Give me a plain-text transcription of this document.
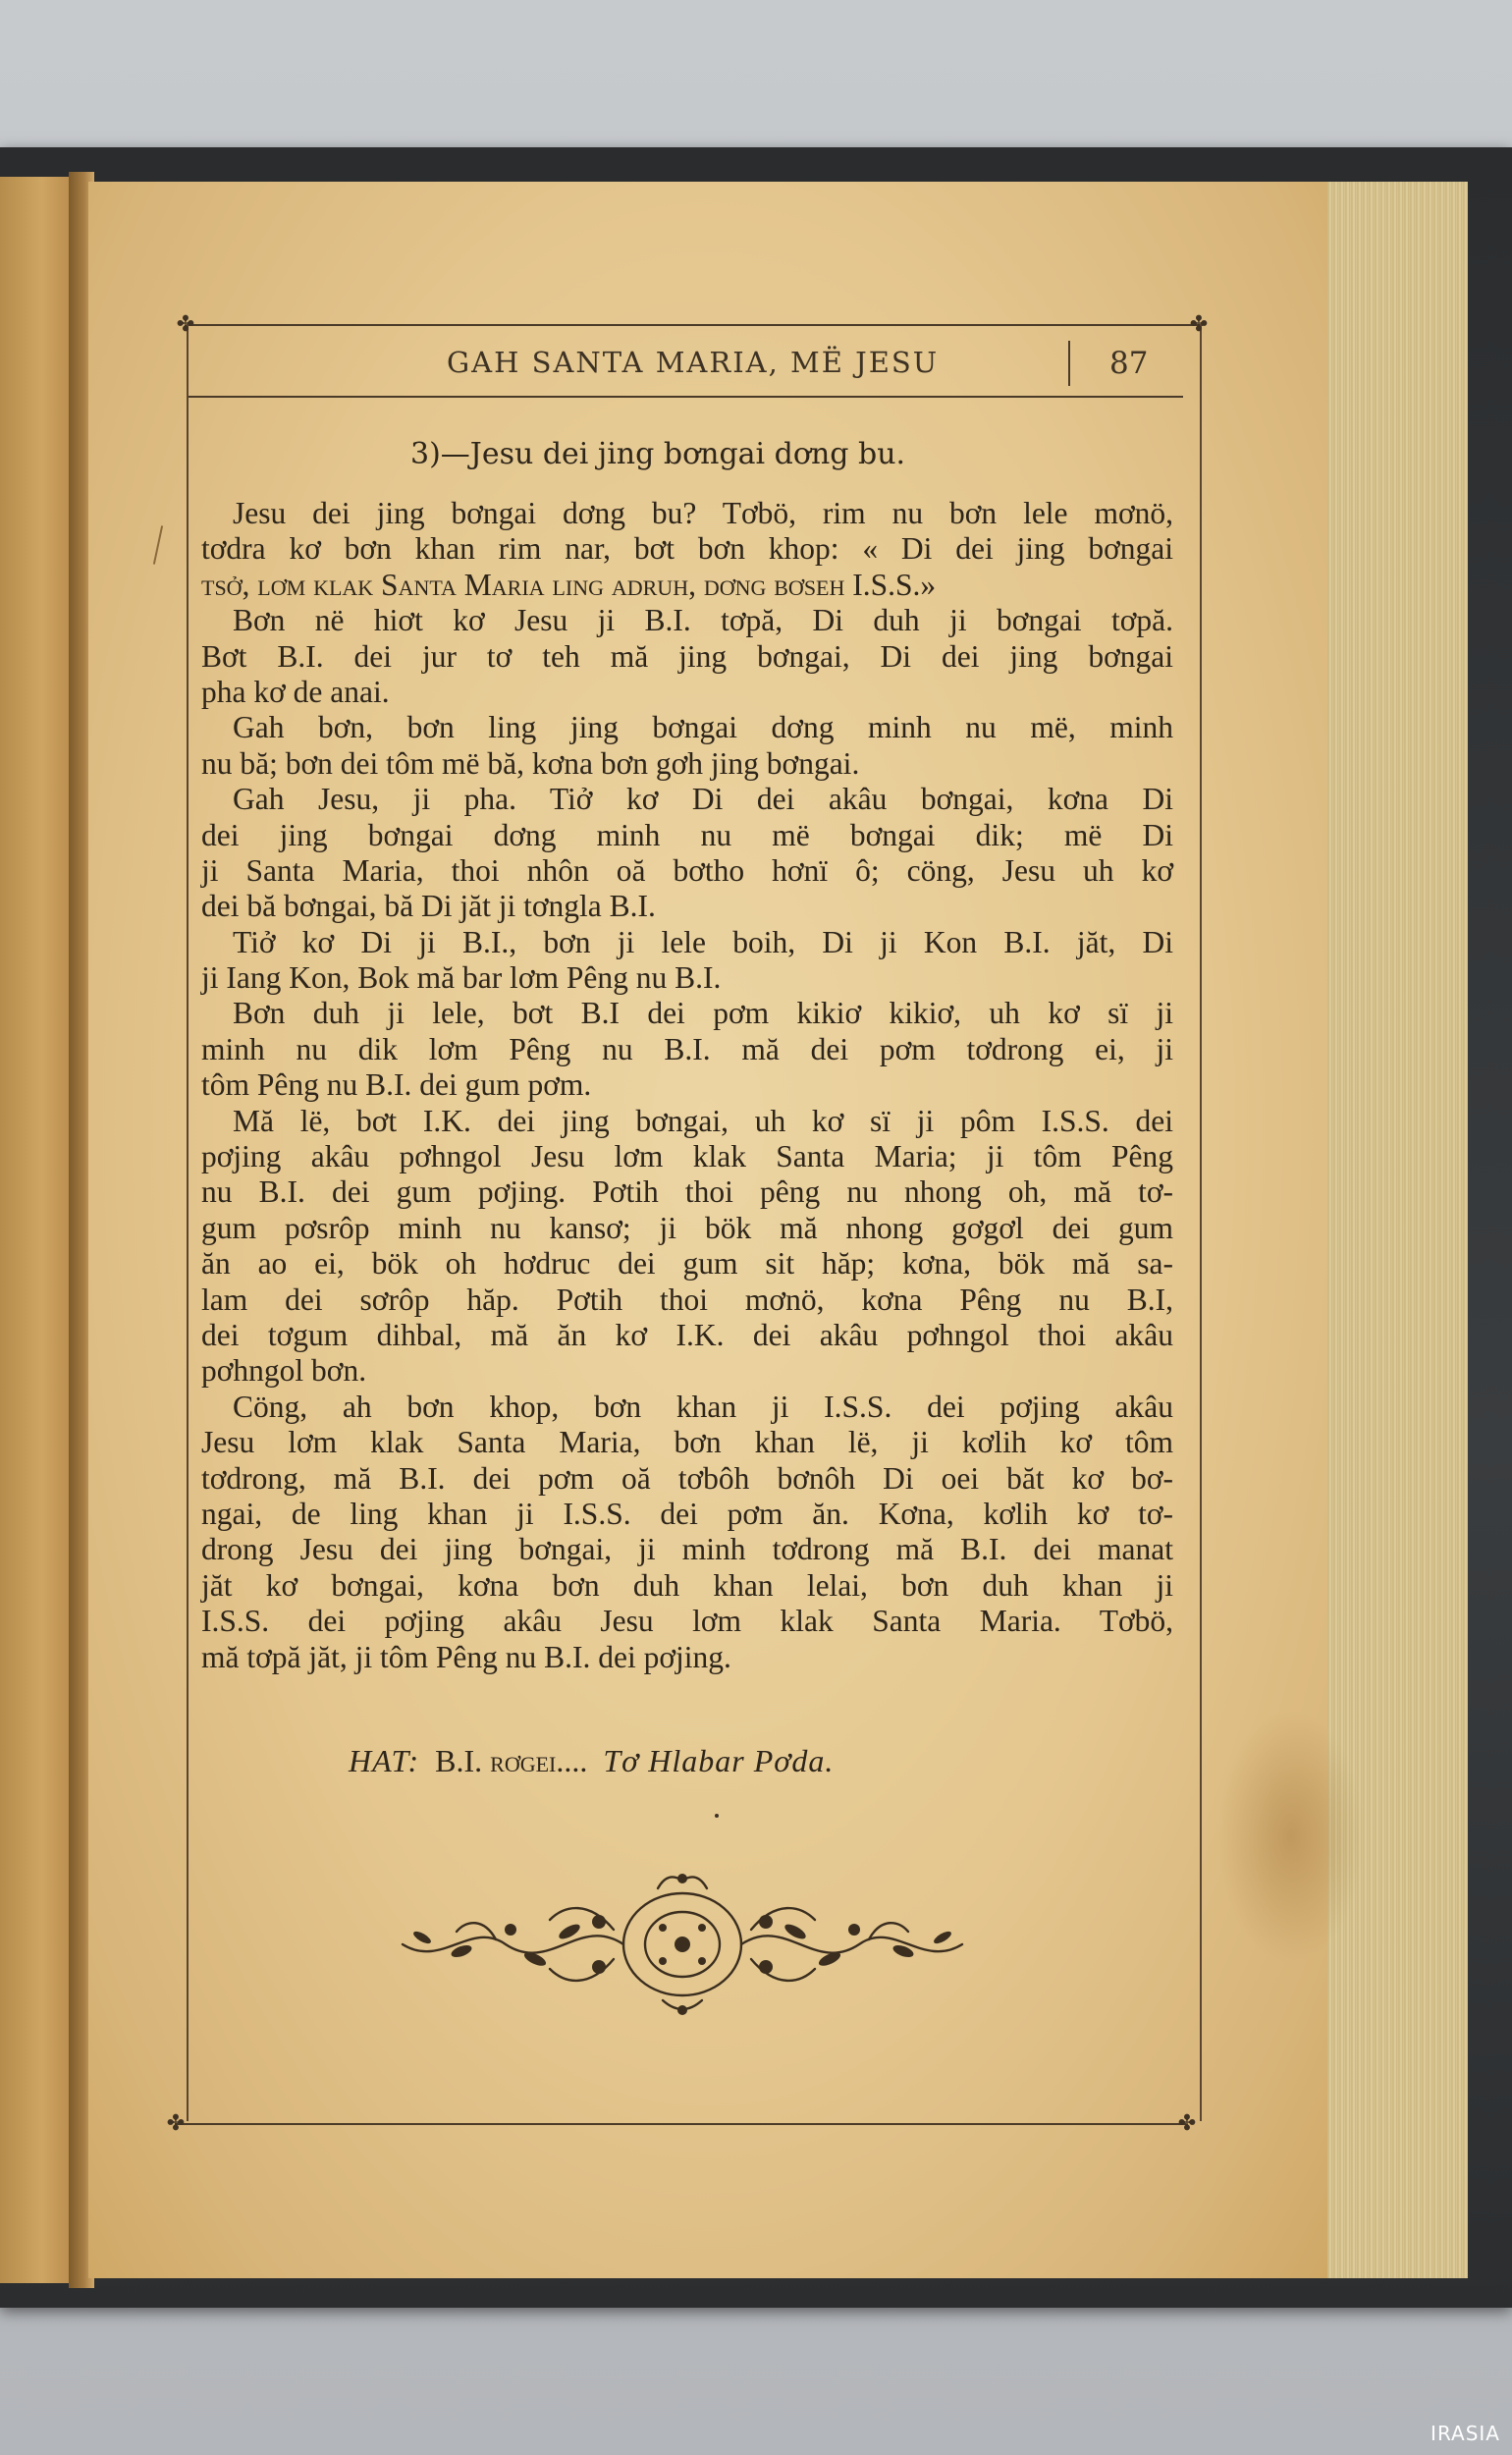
✤	✤
✤	✤
GAH SANTA MARIA, MË JESU	87
3)—Jesu dei jing bơngai dơng bu.
Jesu dei jing bơngai dơng bu? Tơbö, rim nu bơn lele mơnö,
tơdra kơ bơn khan rim nar, bơt bơn khop: « Di dei jing bơngai
tsở, lơm klak Santa Maria ling adruh, dơng bơseh I.S.S.»
Bơn në hiơt kơ Jesu ji B.I. tơpă, Di duh ji bơngai tơpă.
Bơt B.I. dei jur tơ teh mă jing bơngai, Di dei jing bơngai
pha kơ de anai.
Gah bơn, bơn ling jing bơngai dơng minh nu më, minh
nu bă; bơn dei tôm më bă, kơna bơn gơh jing bơngai.
Gah Jesu, ji pha. Tiở kơ Di dei akâu bơngai, kơna Di
dei jing bơngai dơng minh nu më bơngai dik; më Di
ji Santa Maria, thoi nhôn oă bơtho hơnï ô; cöng, Jesu uh kơ
dei bă bơngai, bă Di jăt ji tơngla B.I.
Tiở kơ Di ji B.I., bơn ji lele boih, Di ji Kon B.I. jăt, Di
ji Iang Kon, Bok mă bar lơm Pêng nu B.I.
Bơn duh ji lele, bơt B.I dei pơm kikiơ kikiơ, uh kơ sï ji
minh nu dik lơm Pêng nu B.I. mă dei pơm tơdrong ei, ji
tôm Pêng nu B.I. dei gum pơm.
Mă lë, bơt I.K. dei jing bơngai, uh kơ sï ji pôm I.S.S. dei
pơjing akâu pơhngol Jesu lơm klak Santa Maria; ji tôm Pêng
nu B.I. dei gum pơjing. Pơtih thoi pêng nu nhong oh, mă tơ-
gum pơsrôp minh nu kansơ; ji bök mă nhong gơgơl dei gum
ăn ao ei, bök oh hơdruc dei gum sit hăp; kơna, bök mă sa-
lam dei sơrôp hăp. Pơtih thoi mơnö, kơna Pêng nu B.I,
dei tơgum dihbal, mă ăn kơ I.K. dei akâu pơhngol thoi akâu
pơhngol bơn.
Cöng, ah bơn khop, bơn khan ji I.S.S. dei pơjing akâu
Jesu lơm klak Santa Maria, bơn khan lë, ji kơlih kơ tôm
tơdrong, mă B.I. dei pơm oă tơbôh bơnôh Di oei băt kơ bơ-
ngai, de ling khan ji I.S.S. dei pơm ăn. Kơna, kơlih kơ tơ-
drong Jesu dei jing bơngai, ji minh tơdrong mă B.I. dei manat
jăt kơ bơngai, kơna bơn duh khan lelai, bơn duh khan ji
I.S.S. dei pơjing akâu Jesu lơm klak Santa Maria. Tơbö,
mă tơpă jăt, ji tôm Pêng nu B.I. dei pơjing.
HAT: B.I. rơgei.... Tơ Hlabar Pơda.
IRASIA
